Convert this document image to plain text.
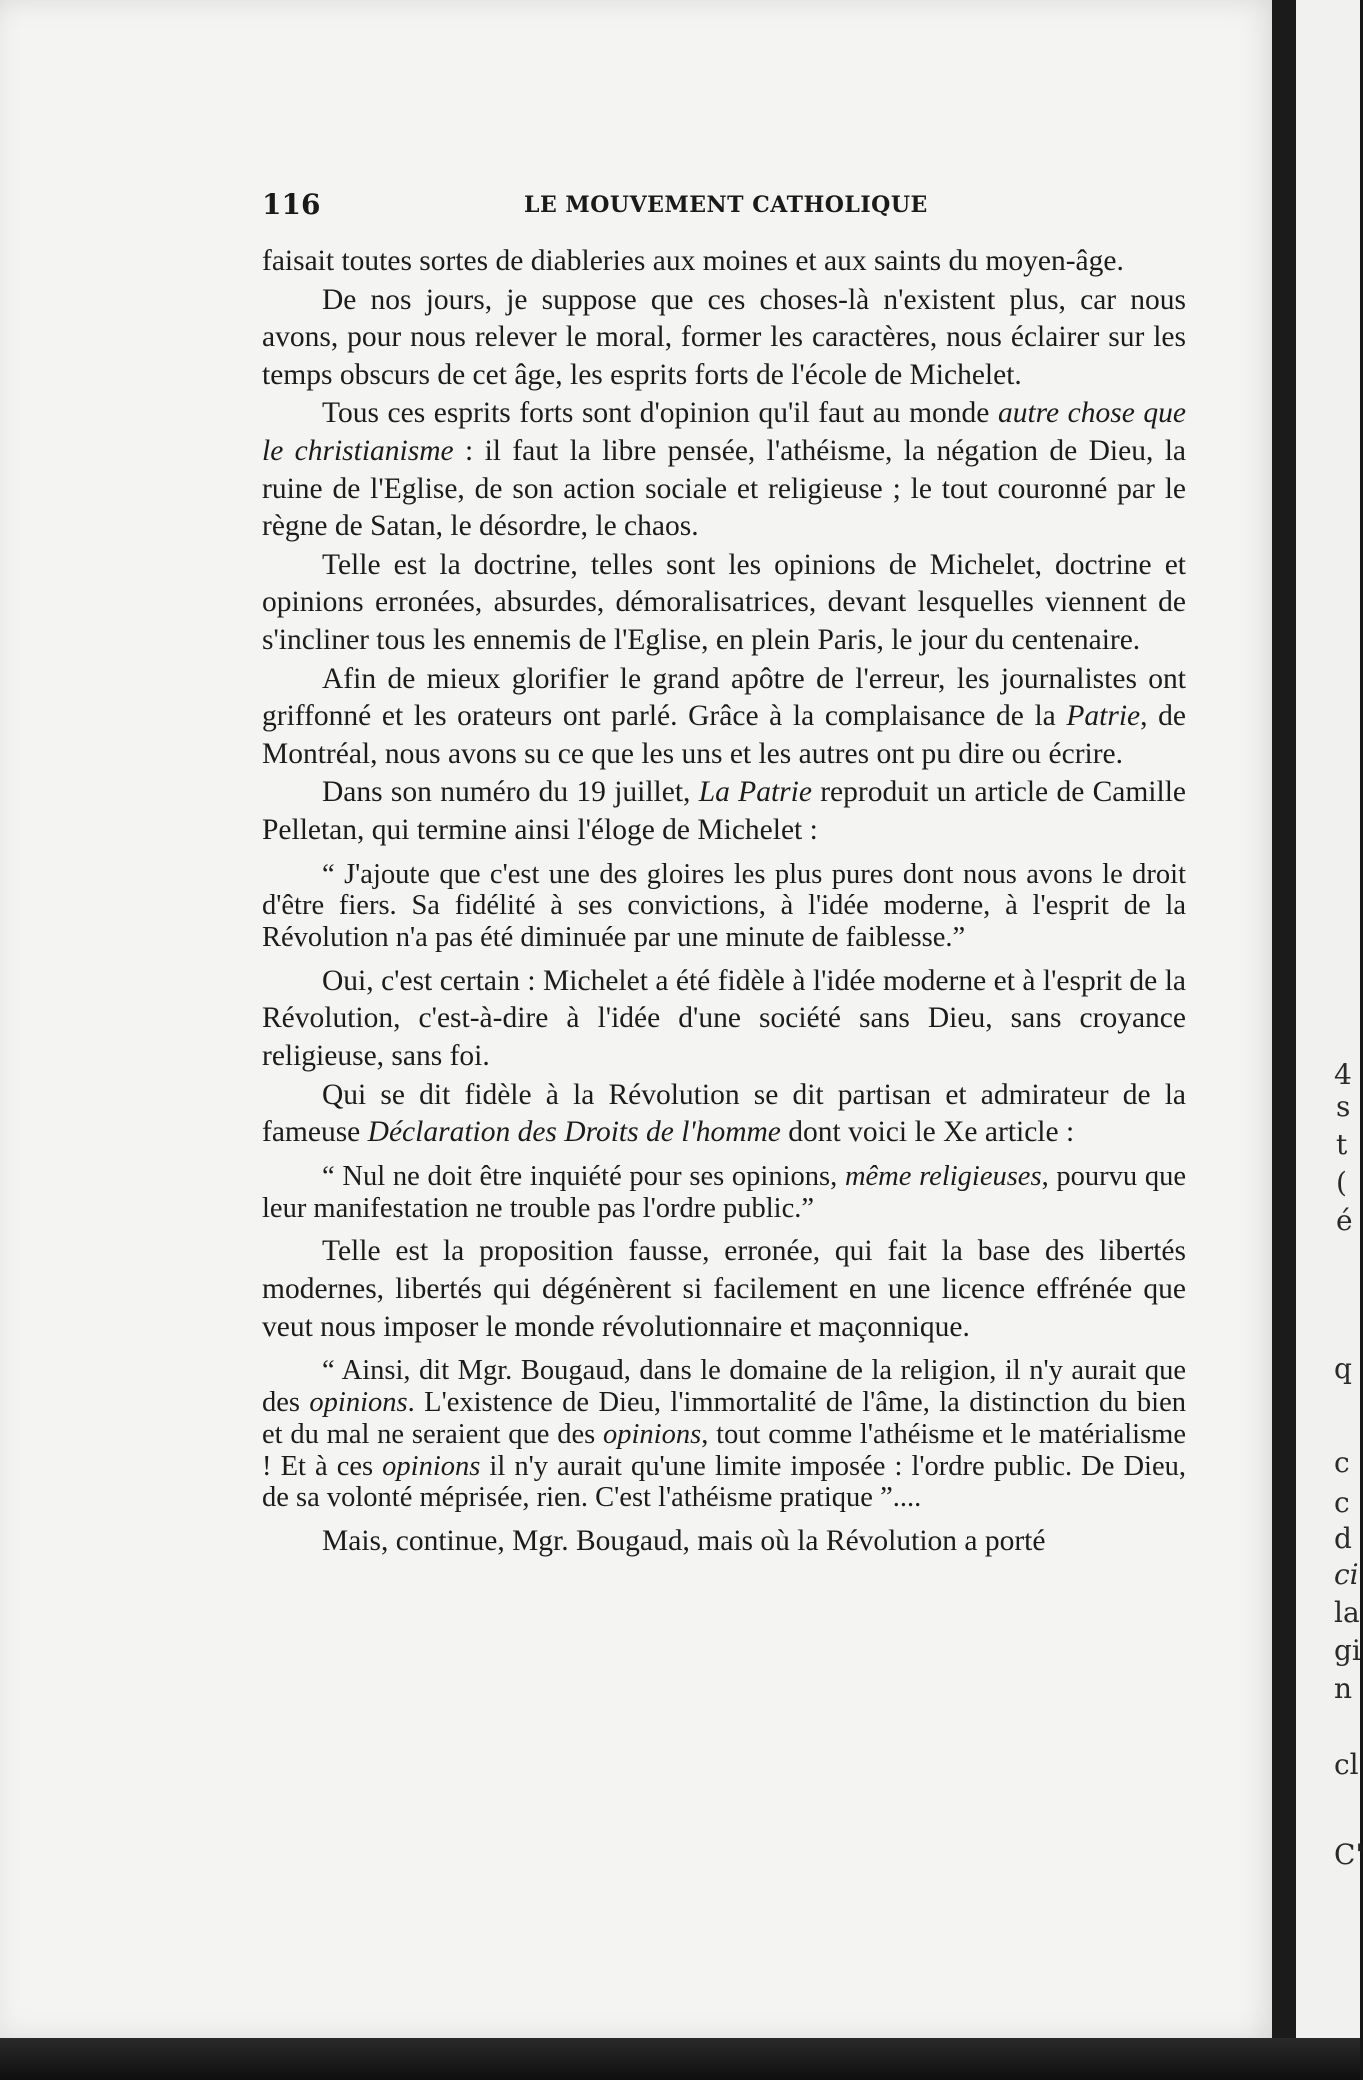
116	LE MOUVEMENT CATHOLIQUE

faisait toutes sortes de diableries aux moines et aux saints du moyen-âge.

De nos jours, je suppose que ces choses-là n'existent plus, car nous avons, pour nous relever le moral, former les caractères, nous éclairer sur les temps obscurs de cet âge, les esprits forts de l'école de Michelet.

Tous ces esprits forts sont d'opinion qu'il faut au monde autre chose que le christianisme : il faut la libre pensée, l'athéisme, la négation de Dieu, la ruine de l'Eglise, de son action sociale et religieuse ; le tout couronné par le règne de Satan, le désordre, le chaos.

Telle est la doctrine, telles sont les opinions de Michelet, doctrine et opinions erronées, absurdes, démoralisatrices, devant lesquelles viennent de s'incliner tous les ennemis de l'Eglise, en plein Paris, le jour du centenaire.

Afin de mieux glorifier le grand apôtre de l'erreur, les journalistes ont griffonné et les orateurs ont parlé. Grâce à la complaisance de la Patrie, de Montréal, nous avons su ce que les uns et les autres ont pu dire ou écrire.

Dans son numéro du 19 juillet, La Patrie reproduit un article de Camille Pelletan, qui termine ainsi l'éloge de Michelet :

“ J'ajoute que c'est une des gloires les plus pures dont nous avons le droit d'être fiers. Sa fidélité à ses convictions, à l'idée moderne, à l'esprit de la Révolution n'a pas été diminuée par une minute de faiblesse.”

Oui, c'est certain : Michelet a été fidèle à l'idée moderne et à l'esprit de la Révolution, c'est-à-dire à l'idée d'une société sans Dieu, sans croyance religieuse, sans foi.

Qui se dit fidèle à la Révolution se dit partisan et admirateur de la fameuse Déclaration des Droits de l'homme dont voici le Xe article :

“ Nul ne doit être inquiété pour ses opinions, même religieuses, pourvu que leur manifestation ne trouble pas l'ordre public.”

Telle est la proposition fausse, erronée, qui fait la base des libertés modernes, libertés qui dégénèrent si facilement en une licence effrénée que veut nous imposer le monde révolutionnaire et maçonnique.

“ Ainsi, dit Mgr. Bougaud, dans le domaine de la religion, il n'y aurait que des opinions. L'existence de Dieu, l'immortalité de l'âme, la distinction du bien et du mal ne seraient que des opinions, tout comme l'athéisme et le matérialisme ! Et à ces opinions il n'y aurait qu'une limite imposée : l'ordre public. De Dieu, de sa volonté méprisée, rien. C'est l'athéisme pratique ”....

Mais, continue, Mgr. Bougaud, mais où la Révolution a porté

4
s
t
(
é
q
c
c
d
ci
la
gi
n
cl
C'
